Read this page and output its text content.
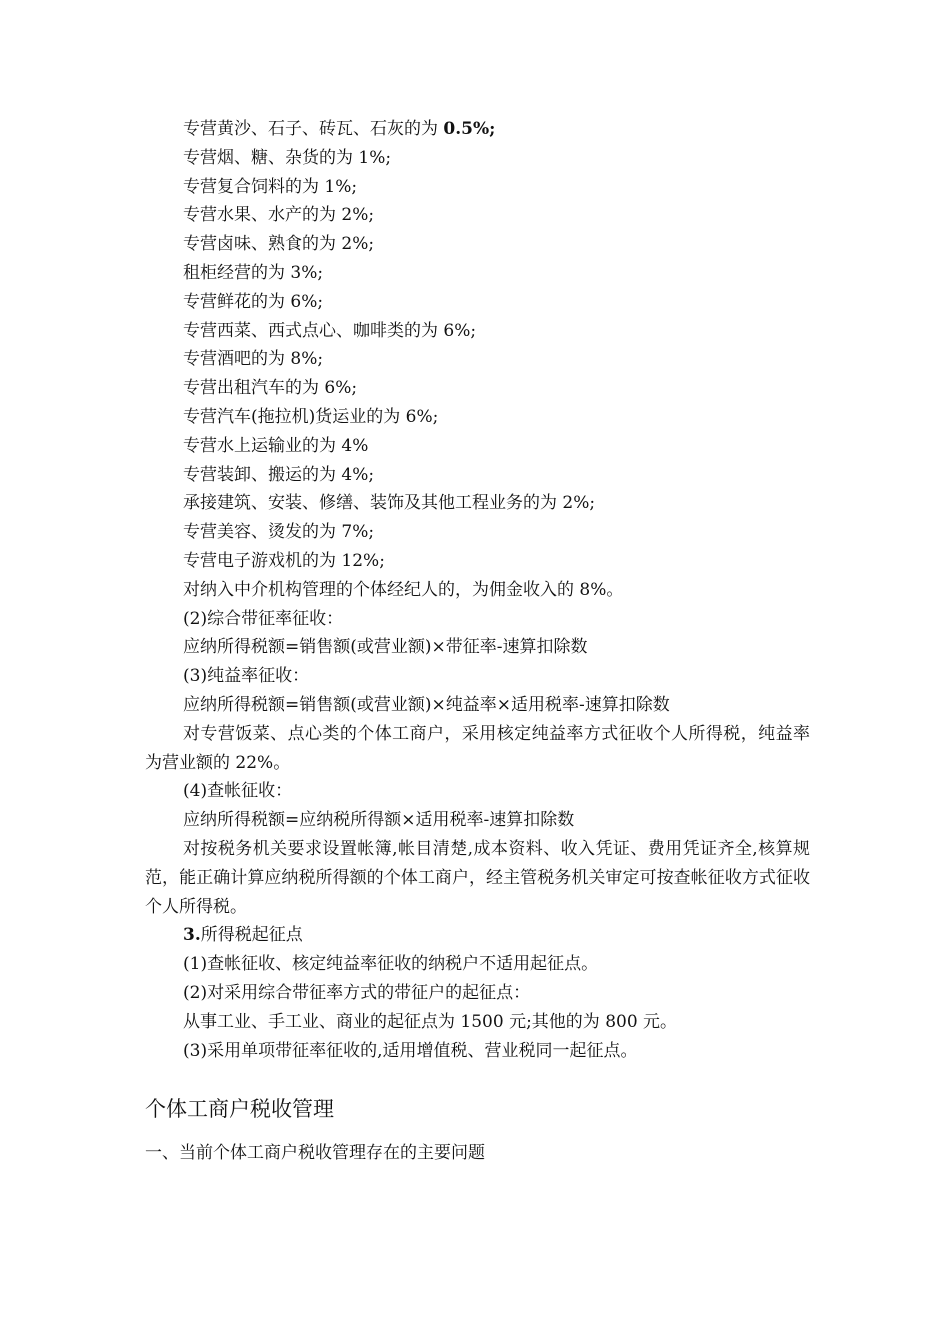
专营黄沙、石子、砖瓦、石灰的为 0.5%;

专营烟、糖、杂货的为 1%;

专营复合饲料的为 1%;

专营水果、水产的为 2%;

专营卤味、熟食的为 2%;

租柜经营的为 3%;

专营鲜花的为 6%;

专营西菜、西式点心、咖啡类的为 6%;

专营酒吧的为 8%;

专营出租汽车的为 6%;

专营汽车(拖拉机)货运业的为 6%;

专营水上运输业的为 4%

专营装卸、搬运的为 4%;

承接建筑、安装、修缮、装饰及其他工程业务的为 2%;

专营美容、烫发的为 7%;

专营电子游戏机的为 12%;

对纳入中介机构管理的个体经纪人的，为佣金收入的 8%。

(2)综合带征率征收：

应纳所得税额=销售额(或营业额)×带征率-速算扣除数

(3)纯益率征收：

应纳所得税额=销售额(或营业额)×纯益率×适用税率-速算扣除数

对专营饭菜、点心类的个体工商户，采用核定纯益率方式征收个人所得税，纯益率为营业额的 22%。

(4)查帐征收：

应纳所得税额=应纳税所得额×适用税率-速算扣除数

对按税务机关要求设置帐簿,帐目清楚,成本资料、收入凭证、费用凭证齐全,核算规范，能正确计算应纳税所得额的个体工商户，经主管税务机关审定可按查帐征收方式征收个人所得税。

3.所得税起征点

(1)查帐征收、核定纯益率征收的纳税户不适用起征点。

(2)对采用综合带征率方式的带征户的起征点：

从事工业、手工业、商业的起征点为 1500 元;其他的为 800 元。

(3)采用单项带征率征收的,适用增值税、营业税同一起征点。

个体工商户税收管理
一、当前个体工商户税收管理存在的主要问题
